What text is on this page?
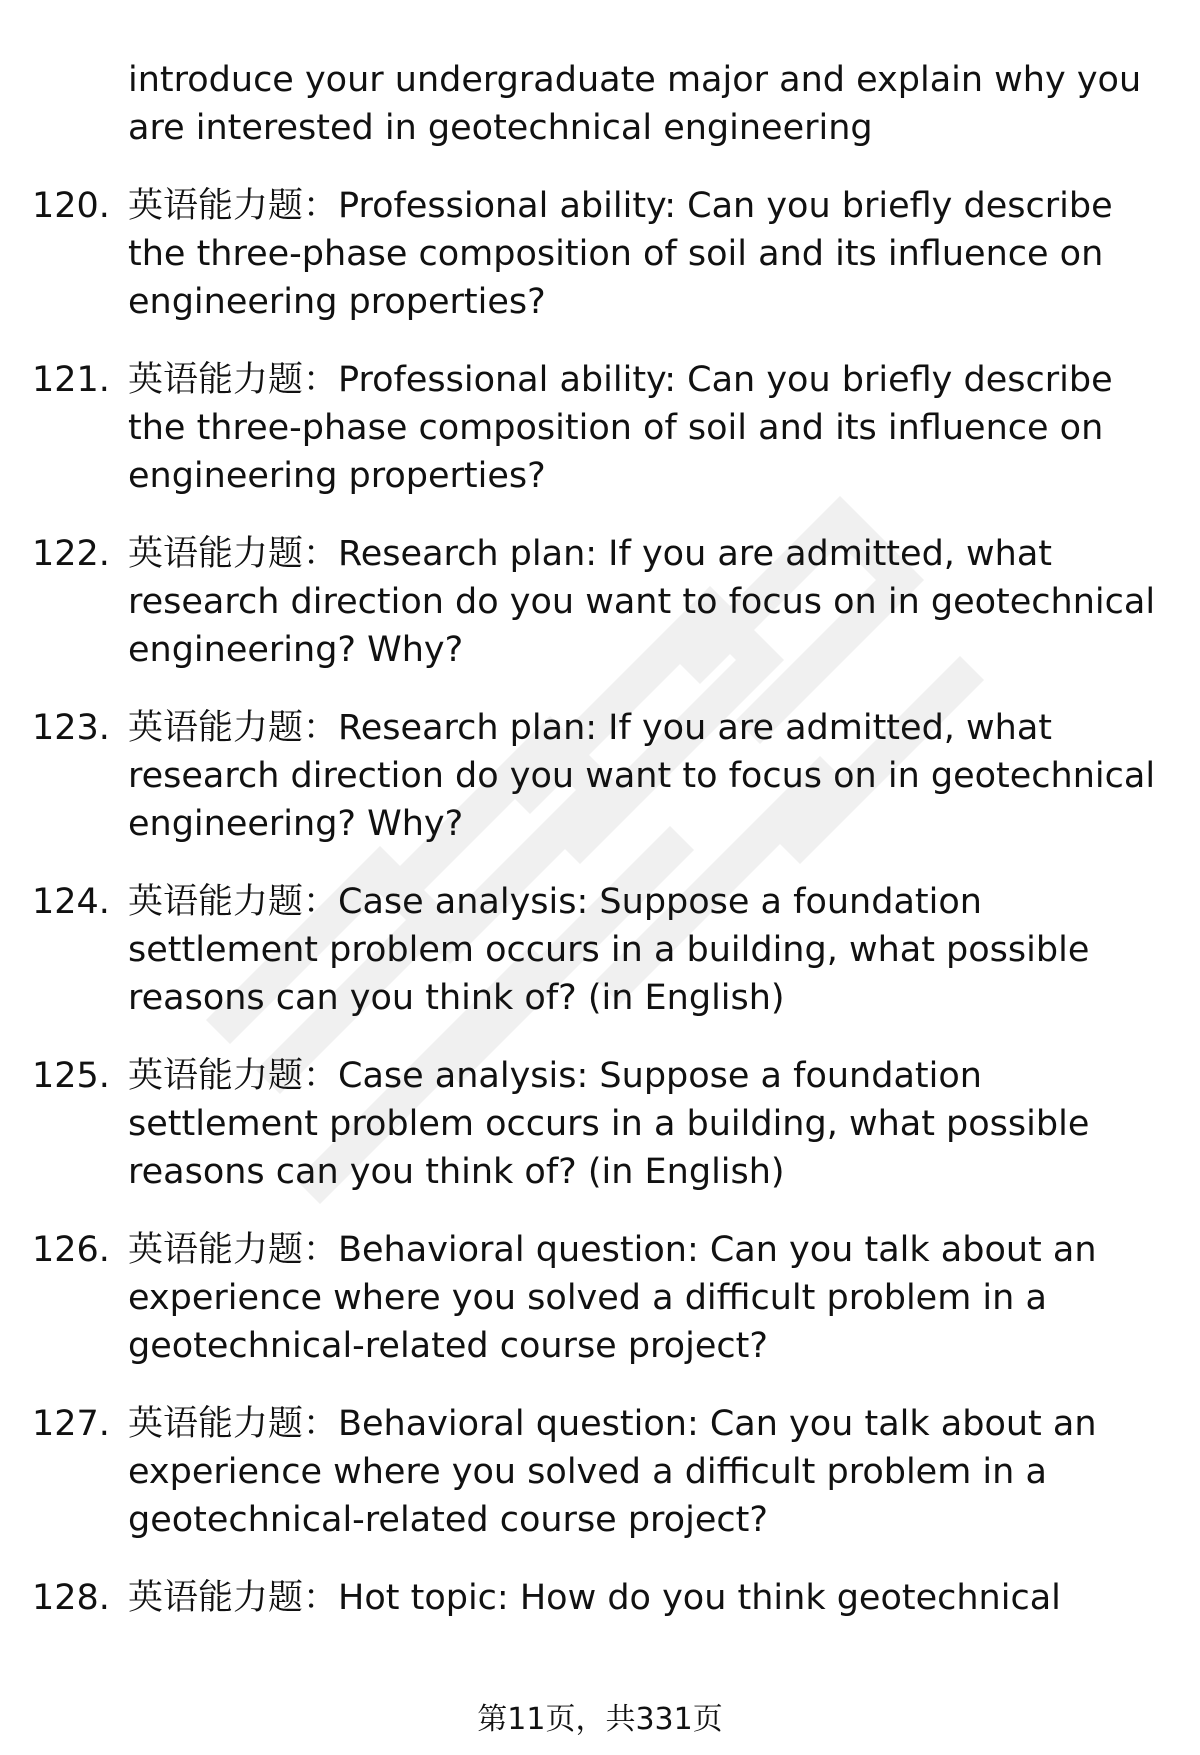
introduce your undergraduate major and explain why you are interested in geotechnical engineering
120. 英语能力题：Professional ability: Can you briefly describe the three-phase composition of soil and its influence on engineering properties?
121. 英语能力题：Professional ability: Can you briefly describe the three-phase composition of soil and its influence on engineering properties?
122. 英语能力题：Research plan: If you are admitted, what research direction do you want to focus on in geotechnical engineering? Why?
123. 英语能力题：Research plan: If you are admitted, what research direction do you want to focus on in geotechnical engineering? Why?
124. 英语能力题：Case analysis: Suppose a foundation settlement problem occurs in a building, what possible reasons can you think of? (in English)
125. 英语能力题：Case analysis: Suppose a foundation settlement problem occurs in a building, what possible reasons can you think of? (in English)
126. 英语能力题：Behavioral question: Can you talk about an experience where you solved a difficult problem in a geotechnical-related course project?
127. 英语能力题：Behavioral question: Can you talk about an experience where you solved a difficult problem in a geotechnical-related course project?
128. 英语能力题：Hot topic: How do you think geotechnical
第11页，共331页
